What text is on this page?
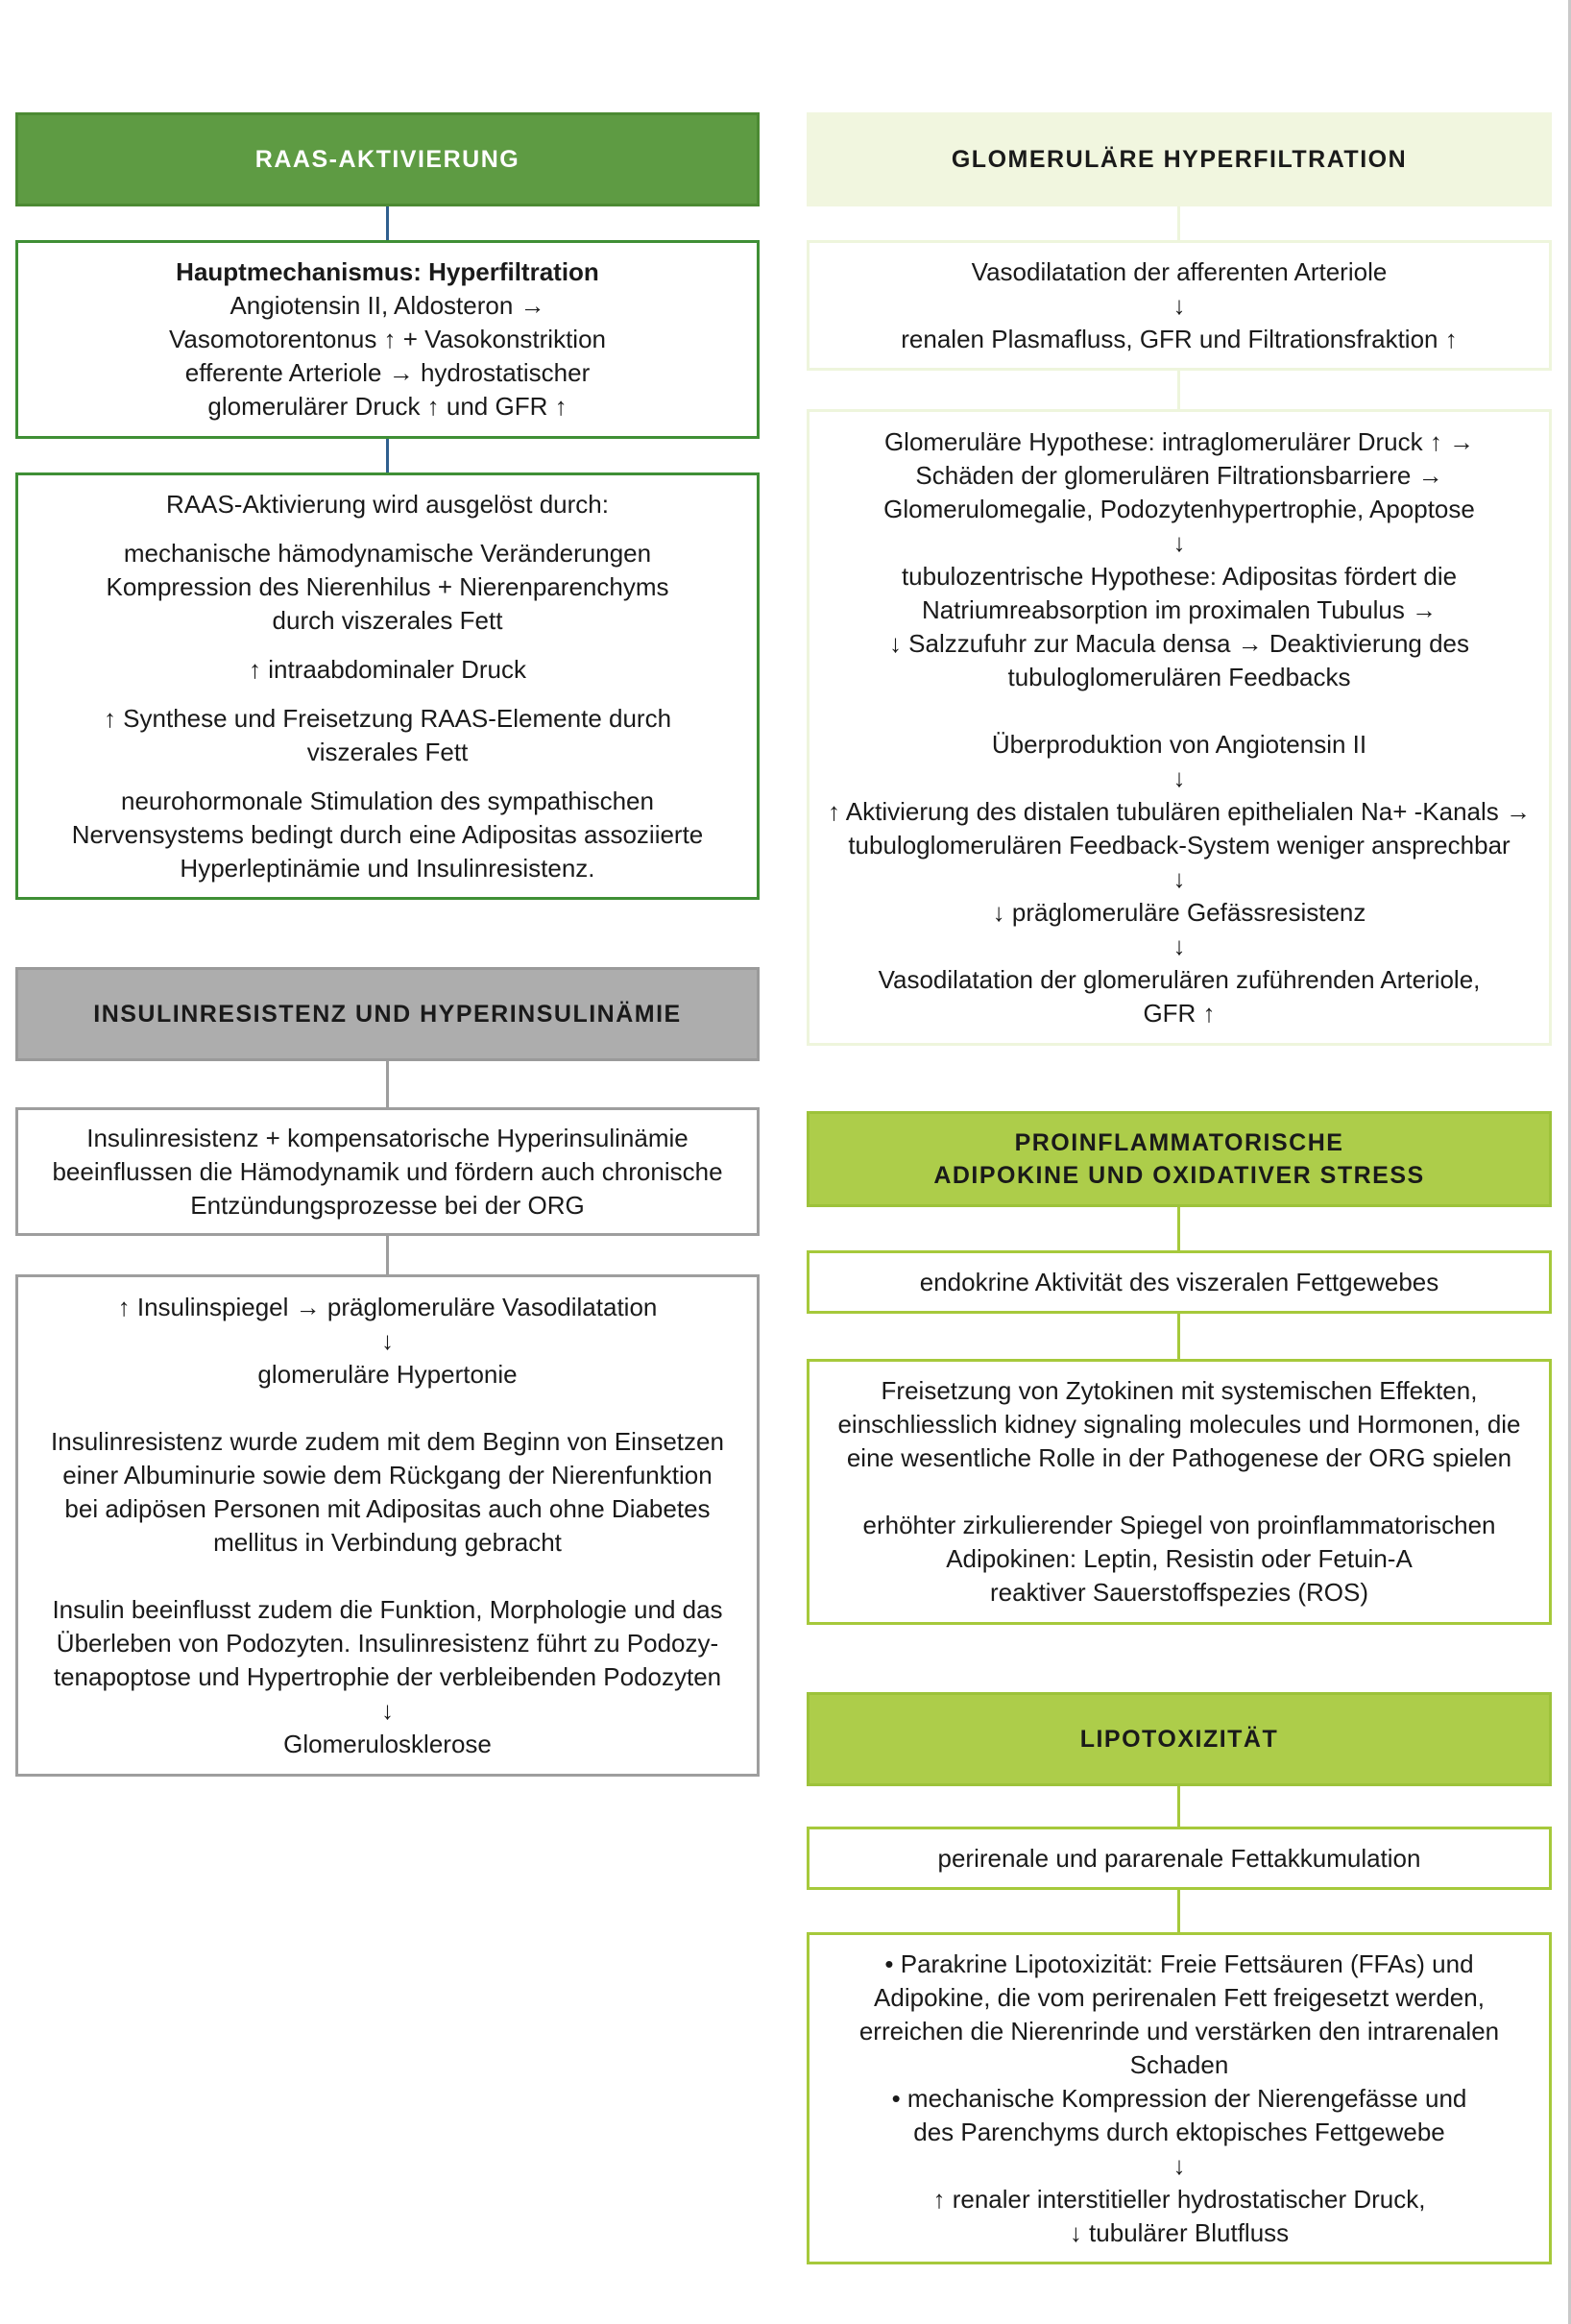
RAAS-AKTIVIERUNG

Hauptmechanismus: Hyperfiltration

Angiotensin II, Aldosteron →
Vasomotorentonus ↑ + Vasokonstriktion
efferente Arteriole → hydrostatischer
glomerulärer Druck ↑ und GFR ↑

RAAS-Aktivierung wird ausgelöst durch:

mechanische hämodynamische Veränderungen
Kompression des Nierenhilus + Nierenparenchyms
durch viszerales Fett

↑ intraabdominaler Druck

↑ Synthese und Freisetzung RAAS-Elemente durch
viszerales Fett

neurohormonale Stimulation des sympathischen
Nervensystems bedingt durch eine Adipositas assoziierte
Hyperleptinämie und Insulinresistenz.

INSULINRESISTENZ UND HYPERINSULINÄMIE

Insulinresistenz + kompensatorische Hyperinsulinämie
beeinflussen die Hämodynamik und fördern auch chronische
Entzündungsprozesse bei der ORG

↑ Insulinspiegel → präglomeruläre Vasodilatation
↓
glomeruläre Hypertonie

Insulinresistenz wurde zudem mit dem Beginn von Einsetzen
einer Albuminurie sowie dem Rückgang der Nierenfunktion
bei adipösen Personen mit Adipositas auch ohne Diabetes
mellitus in Verbindung gebracht

Insulin beeinflusst zudem die Funktion, Morphologie und das
Überleben von Podozyten. Insulinresistenz führt zu Podozy-
tenapoptose und Hypertrophie der verbleibenden Podozyten
↓
Glomerulosklerose

GLOMERULÄRE HYPERFILTRATION

Vasodilatation der afferenten Arteriole
↓
renalen Plasmafluss, GFR und Filtrationsfraktion ↑

Glomeruläre Hypothese: intraglomerulärer Druck ↑ →
Schäden der glomerulären Filtrationsbarriere →
Glomerulomegalie, Podozytenhypertrophie, Apoptose
↓
tubulozentrische Hypothese: Adipositas fördert die
Natriumreabsorption im proximalen Tubulus →
↓ Salzzufuhr zur Macula densa → Deaktivierung des
tubuloglomerulären Feedbacks

Überproduktion von Angiotensin II
↓
↑ Aktivierung des distalen tubulären epithelialen Na+ -Kanals →
tubuloglomerulären Feedback-System weniger ansprechbar
↓
↓ präglomeruläre Gefässresistenz
↓
Vasodilatation der glomerulären zuführenden Arteriole,
GFR ↑

PROINFLAMMATORISCHE
ADIPOKINE UND OXIDATIVER STRESS

endokrine Aktivität des viszeralen Fettgewebes

Freisetzung von Zytokinen mit systemischen Effekten,
einschliesslich kidney signaling molecules und Hormonen, die
eine wesentliche Rolle in der Pathogenese der ORG spielen

erhöhter zirkulierender Spiegel von proinflammatorischen
Adipokinen: Leptin, Resistin oder Fetuin-A
reaktiver Sauerstoffspezies (ROS)

LIPOTOXIZITÄT

perirenale und pararenale Fettakkumulation

• Parakrine Lipotoxizität: Freie Fettsäuren (FFAs) und
Adipokine, die vom perirenalen Fett freigesetzt werden,
erreichen die Nierenrinde und verstärken den intrarenalen
Schaden
• mechanische Kompression der Nierengefässe und
des Parenchyms durch ektopisches Fettgewebe
↓
↑ renaler interstitieller hydrostatischer Druck,
↓ tubulärer Blutfluss
